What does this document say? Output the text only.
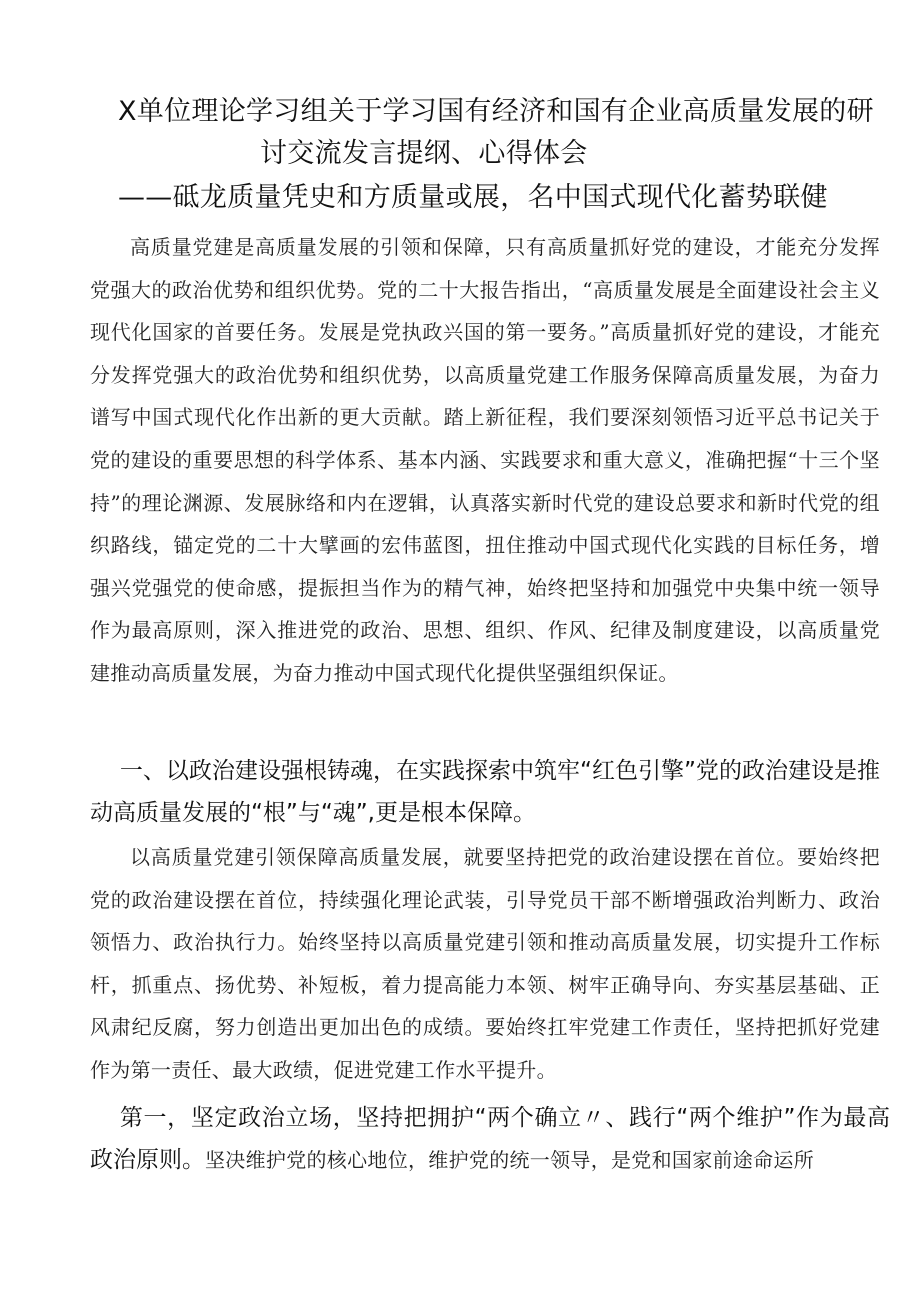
X单位理论学习组关于学习国有经济和国有企业高质量发展的研
讨交流发言提纲、心得体会
——砥龙质量凭史和方质量或展，名中国式现代化蓄势联健
高质量党建是高质量发展的引领和保障，只有高质量抓好党的建设，才能充分发挥党强大的政治优势和组织优势。党的二十大报告指出，“高质量发展是全面建设社会主义现代化国家的首要任务。发展是党执政兴国的第一要务。”高质量抓好党的建设，才能充分发挥党强大的政治优势和组织优势，以高质量党建工作服务保障高质量发展，为奋力谱写中国式现代化作出新的更大贡献。踏上新征程，我们要深刻领悟习近平总书记关于党的建设的重要思想的科学体系、基本内涵、实践要求和重大意义，准确把握“十三个坚持”的理论渊源、发展脉络和内在逻辑，认真落实新时代党的建设总要求和新时代党的组织路线，锚定党的二十大擘画的宏伟蓝图，扭住推动中国式现代化实践的目标任务，增强兴党强党的使命感，提振担当作为的精气神，始终把坚持和加强党中央集中统一领导作为最高原则，深入推进党的政治、思想、组织、作风、纪律及制度建设，以高质量党建推动高质量发展，为奋力推动中国式现代化提供坚强组织保证。
一、以政治建设强根铸魂，在实践探索中筑牢“红色引擎”党的政治建设是推动高质量发展的“根”与“魂”,更是根本保障。
以高质量党建引领保障高质量发展，就要坚持把党的政治建设摆在首位。要始终把党的政治建设摆在首位，持续强化理论武装，引导党员干部不断增强政治判断力、政治领悟力、政治执行力。始终坚持以高质量党建引领和推动高质量发展，切实提升工作标杆，抓重点、扬优势、补短板，着力提高能力本领、树牢正确导向、夯实基层基础、正风肃纪反腐，努力创造出更加出色的成绩。要始终扛牢党建工作责任，坚持把抓好党建作为第一责任、最大政绩，促进党建工作水平提升。
第一，坚定政治立场，坚持把拥护“两个确立〃、践行“两个维护”作为最高政治原则。坚决维护党的核心地位，维护党的统一领导，是党和国家前途命运所
